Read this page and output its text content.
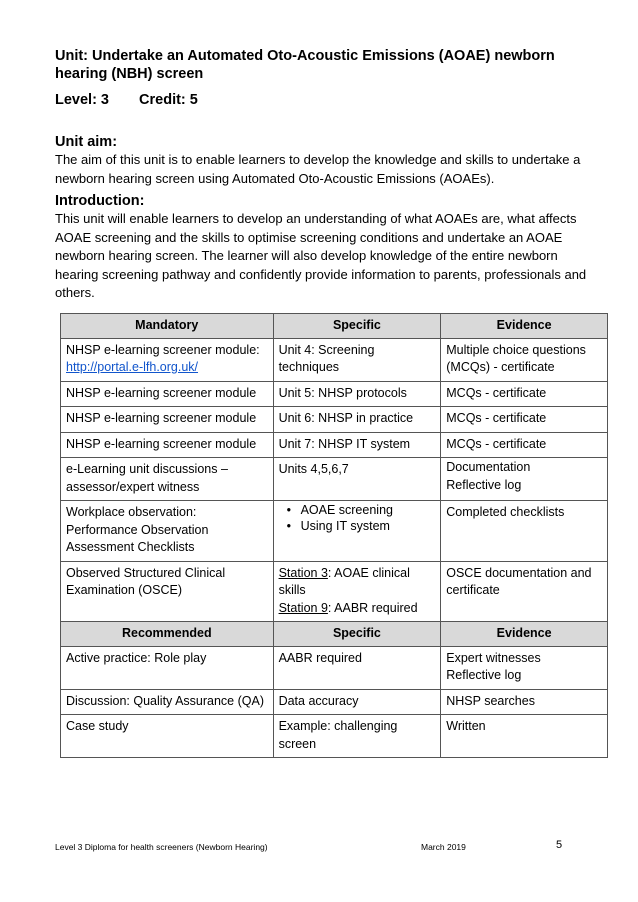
Unit: Undertake an Automated Oto-Acoustic Emissions (AOAE) newborn hearing (NBH) screen
Level: 3 Credit: 5
Unit aim:
The aim of this unit is to enable learners to develop the knowledge and skills to undertake a newborn hearing screen using Automated Oto-Acoustic Emissions (AOAEs).
Introduction:
This unit will enable learners to develop an understanding of what AOAEs are, what affects AOAE screening and the skills to optimise screening conditions and undertake an AOAE newborn hearing screen. The learner will also develop knowledge of the entire newborn hearing screening pathway and confidently provide information to parents, professionals and others.
Mandatory	Specific	Evidence

NHSP e-learning screener module:
http://portal.e-lfh.org.uk/	Unit 4: Screening techniques	Multiple choice questions (MCQs) - certificate
NHSP e-learning screener module	Unit 5: NHSP protocols	MCQs - certificate
NHSP e-learning screener module	Unit 6: NHSP in practice	MCQs - certificate
NHSP e-learning screener module	Unit 7: NHSP IT system	MCQs - certificate
e-Learning unit discussions – assessor/expert witness	Units 4,5,6,7	Documentation
Reflective log

Workplace observation: Performance Observation Assessment Checklists	• AOAE screening
• Using IT system	Completed checklists
Observed Structured Clinical Examination (OSCE)	Station 3: AOAE clinical skills
Station 9: AABR required	OSCE documentation and certificate
Recommended	Specific	Evidence
Active practice: Role play	AABR required	Expert witnesses
Reflective log

Discussion: Quality Assurance (QA)	Data accuracy	NHSP searches
Case study	Example: challenging screen	Written
Level 3 Diploma for health screeners (Newborn Hearing)	March 2019	5
